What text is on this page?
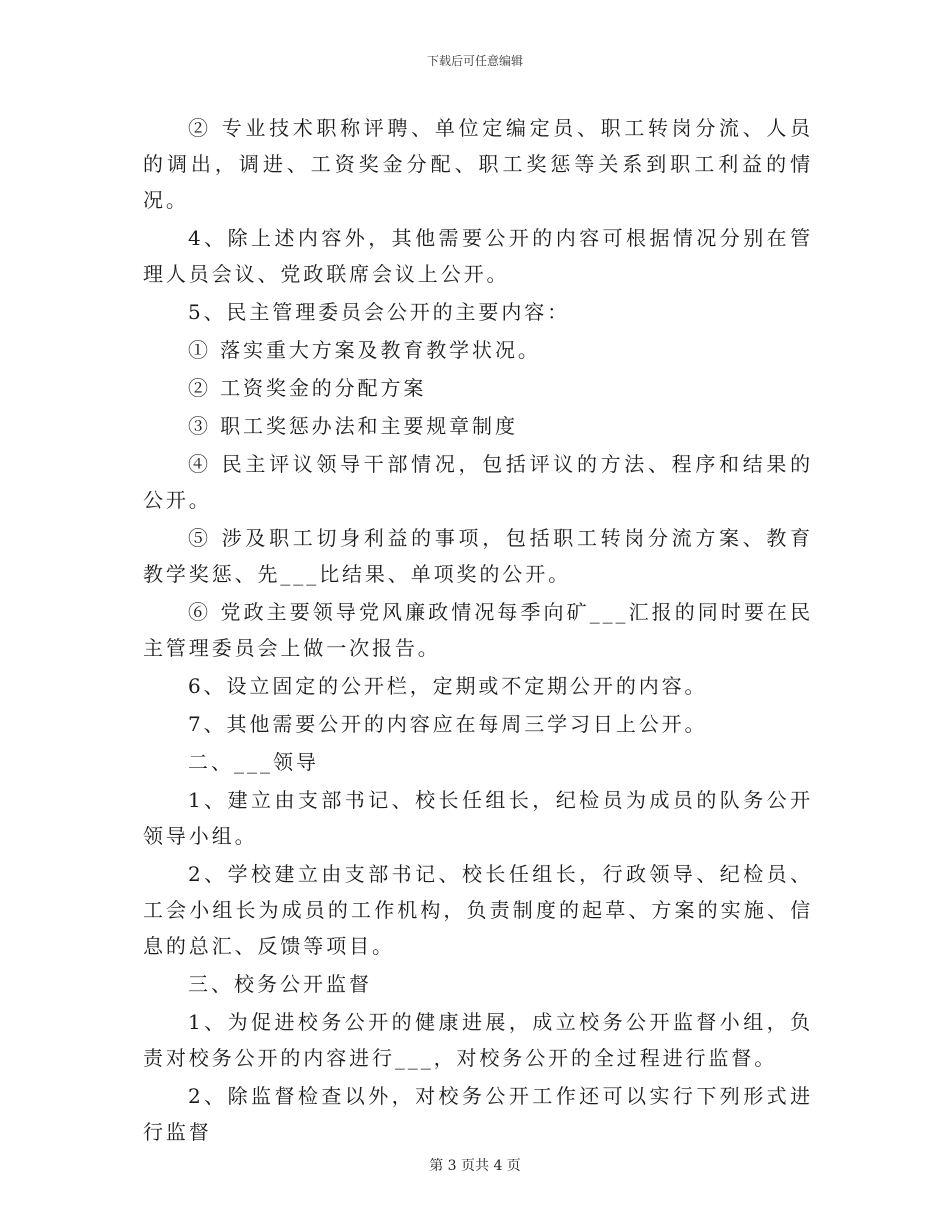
下载后可任意编辑

② 专业技术职称评聘、单位定编定员、职工转岗分流、人员的调出，调进、工资奖金分配、职工奖惩等关系到职工利益的情况。

4、除上述内容外，其他需要公开的内容可根据情况分别在管理人员会议、党政联席会议上公开。

5、民主管理委员会公开的主要内容：

① 落实重大方案及教育教学状况。

② 工资奖金的分配方案

③ 职工奖惩办法和主要规章制度

④ 民主评议领导干部情况，包括评议的方法、程序和结果的公开。

⑤ 涉及职工切身利益的事项，包括职工转岗分流方案、教育教学奖惩、先___比结果、单项奖的公开。

⑥ 党政主要领导党风廉政情况每季向矿___汇报的同时要在民主管理委员会上做一次报告。

6、设立固定的公开栏，定期或不定期公开的内容。

7、其他需要公开的内容应在每周三学习日上公开。

二、___领导

1、建立由支部书记、校长任组长，纪检员为成员的队务公开领导小组。

2、学校建立由支部书记、校长任组长，行政领导、纪检员、工会小组长为成员的工作机构，负责制度的起草、方案的实施、信息的总汇、反馈等项目。

三、校务公开监督

1、为促进校务公开的健康进展，成立校务公开监督小组，负责对校务公开的内容进行___，对校务公开的全过程进行监督。

2、除监督检查以外，对校务公开工作还可以实行下列形式进行监督

第 3 页共 4 页
